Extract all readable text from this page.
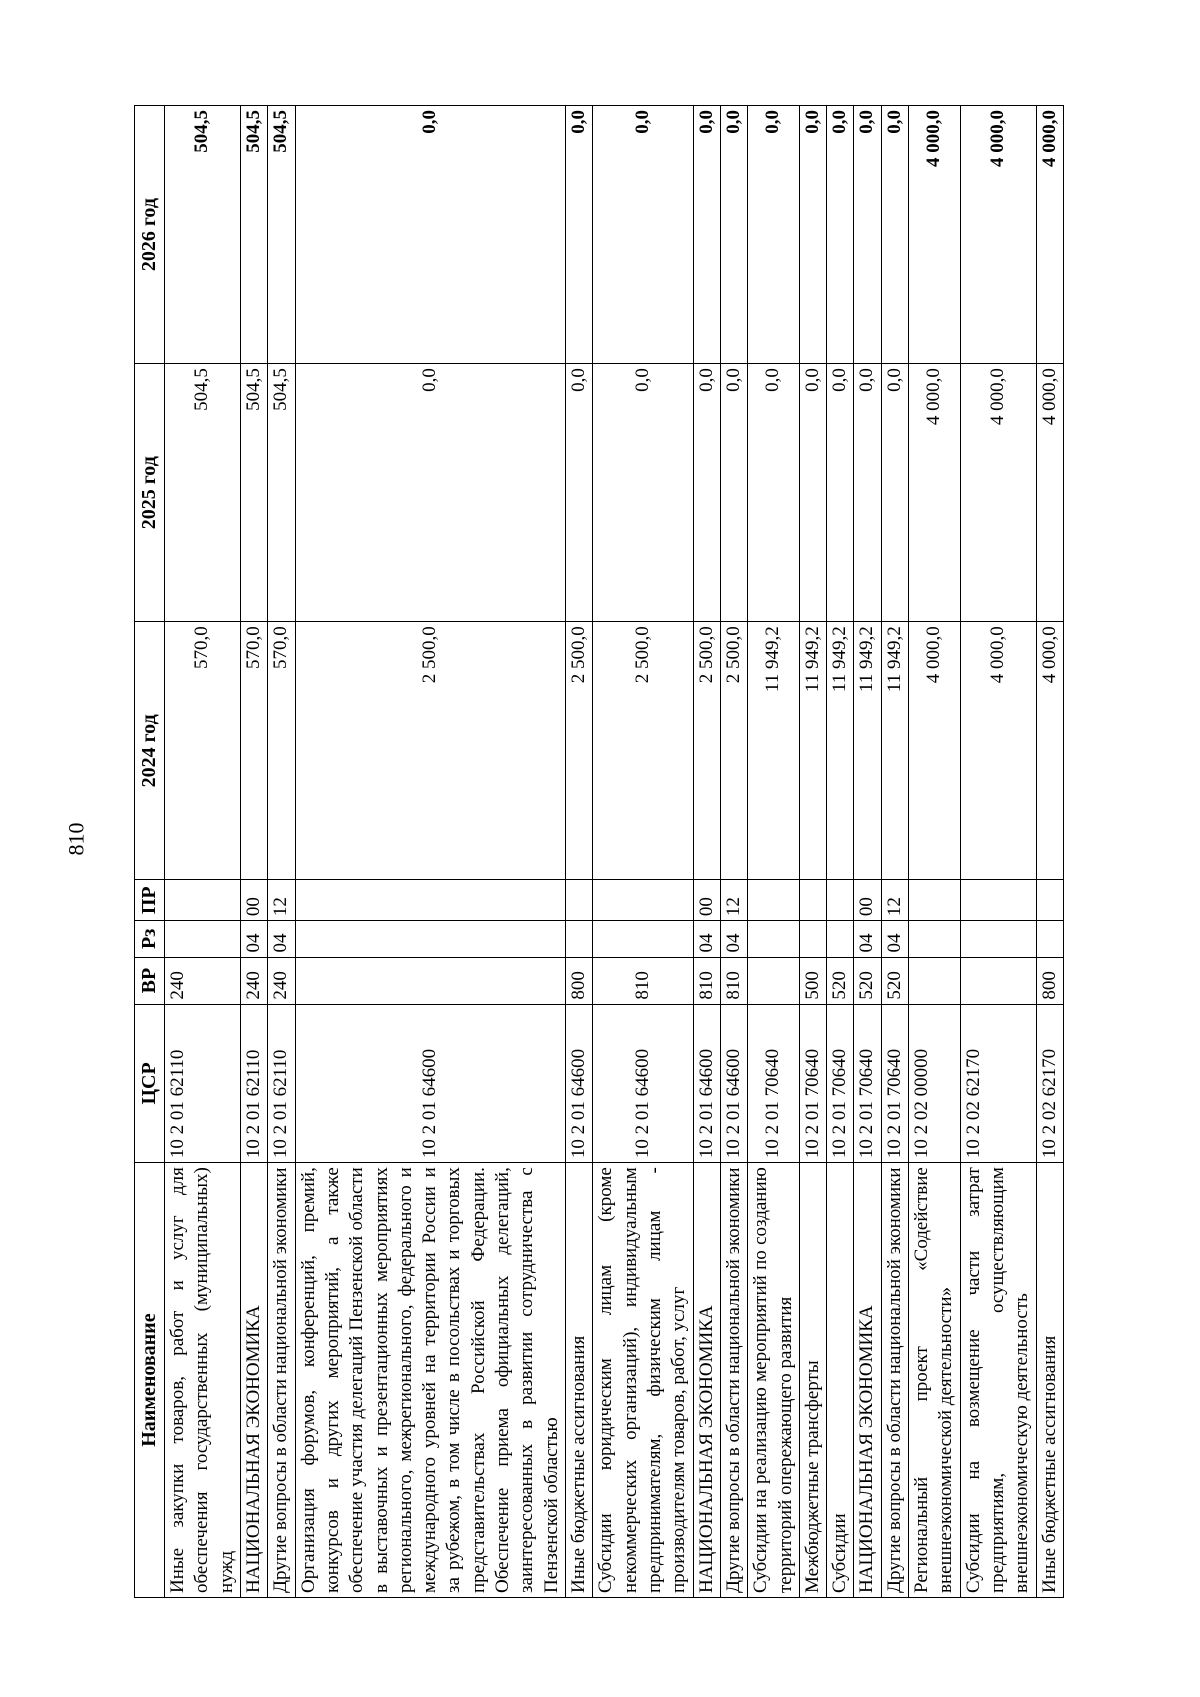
810
Наименование	ЦСР	ВР	Рз	ПР	2024 год	2025 год	2026 год
Иные закупки товаров, работ и услуг для обеспечения государственных (муниципальных) нужд	10 2 01 62110	240			570,0	504,5	504,5
НАЦИОНАЛЬНАЯ ЭКОНОМИКА	10 2 01 62110	240	04	00	570,0	504,5	504,5
Другие вопросы в области национальной экономики	10 2 01 62110	240	04	12	570,0	504,5	504,5
Организация форумов, конференций, премий, конкурсов и других мероприятий, а также обеспечение участия делегаций Пензенской области в выставочных и презентационных мероприятиях регионального, межрегионального, федерального и международного уровней на территории России и за рубежом, в том числе в посольствах и торговых представительствах Российской Федерации. Обеспечение приема официальных делегаций, заинтересованных в развитии сотрудничества с Пензенской областью	10 2 01 64600				2 500,0	0,0	0,0
Иные бюджетные ассигнования	10 2 01 64600	800			2 500,0	0,0	0,0
Субсидии юридическим лицам (кроме некоммерческих организаций), индивидуальным предпринимателям, физическим лицам - производителям товаров, работ, услуг	10 2 01 64600	810			2 500,0	0,0	0,0
НАЦИОНАЛЬНАЯ ЭКОНОМИКА	10 2 01 64600	810	04	00	2 500,0	0,0	0,0
Другие вопросы в области национальной экономики	10 2 01 64600	810	04	12	2 500,0	0,0	0,0
Субсидии на реализацию мероприятий по созданию территорий опережающего развития	10 2 01 70640				11 949,2	0,0	0,0
Межбюджетные трансферты	10 2 01 70640	500			11 949,2	0,0	0,0
Субсидии	10 2 01 70640	520			11 949,2	0,0	0,0
НАЦИОНАЛЬНАЯ ЭКОНОМИКА	10 2 01 70640	520	04	00	11 949,2	0,0	0,0
Другие вопросы в области национальной экономики	10 2 01 70640	520	04	12	11 949,2	0,0	0,0
Региональный проект «Содействие внешнеэкономической деятельности»	10 2 02 00000				4 000,0	4 000,0	4 000,0
Субсидии на возмещение части затрат предприятиям, осуществляющим внешнеэкономическую деятельность	10 2 02 62170				4 000,0	4 000,0	4 000,0
Иные бюджетные ассигнования	10 2 02 62170	800			4 000,0	4 000,0	4 000,0
